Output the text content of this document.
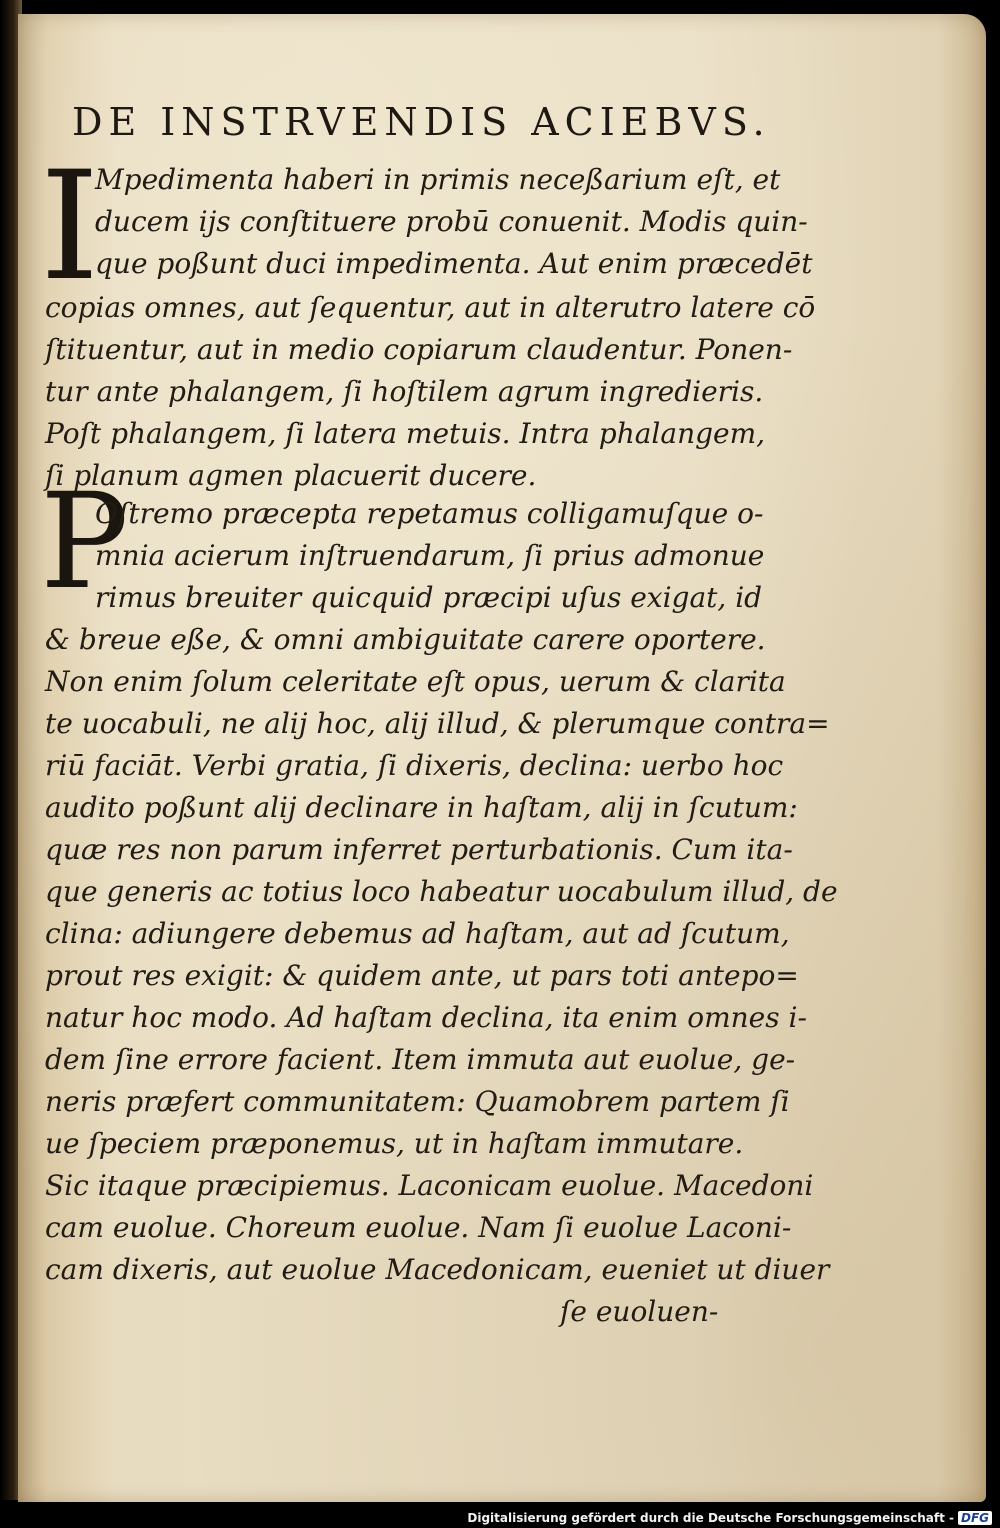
DE INSTRVENDIS ACIEBVS.
I
P
Mpedimenta haberi in primis neceßarium eſt, et
ducem iјs conſtituere probū conuenit. Modis quin-
que poßunt duci impedimenta. Aut enim præcedēt
copias omnes, aut ſequentur, aut in alterutro latere cō
ſtituentur, aut in medio copiarum claudentur. Ponen-
tur ante phalangem, ſi hoſtilem agrum ingredieris.
Poſt phalangem, ſi latera metuis. Intra phalangem,
ſi planum agmen placuerit ducere.
Oſtremo præcepta repetamus colligamuſque o-
mnia acierum inſtruendarum, ſi prius admonue
rimus breuiter quicquid præcipi uſus exigat, id
& breue eße, & omni ambiguitate carere oportere.
Non enim ſolum celeritate eſt opus, uerum & clarita
te uocabuli, ne alij hoc, alij illud, & plerumque contra=
riū faciāt. Verbi gratia, ſi dixeris, declina: uerbo hoc
audito poßunt alij declinare in haſtam, alij in ſcutum:
quæ res non parum inferret perturbationis. Cum ita-
que generis ac totius loco habeatur uocabulum illud, de
clina: adiungere debemus ad haſtam, aut ad ſcutum,
prout res exigit: & quidem ante, ut pars toti antepo=
natur hoc modo. Ad haſtam declina, ita enim omnes i-
dem ſine errore facient. Item immuta aut euolue, ge-
neris præfert communitatem: Quamobrem partem ſi
ue ſpeciem præponemus, ut in haſtam immutare.
Sic itaque præcipiemus. Laconicam euolue. Macedoni
cam euolue. Choreum euolue. Nam ſi euolue Laconi-
cam dixeris, aut euolue Macedonicam, eueniet ut diuer
ſe euoluen-
Digitalisierung gefördert durch die Deutsche Forschungsgemeinschaft - DFG
